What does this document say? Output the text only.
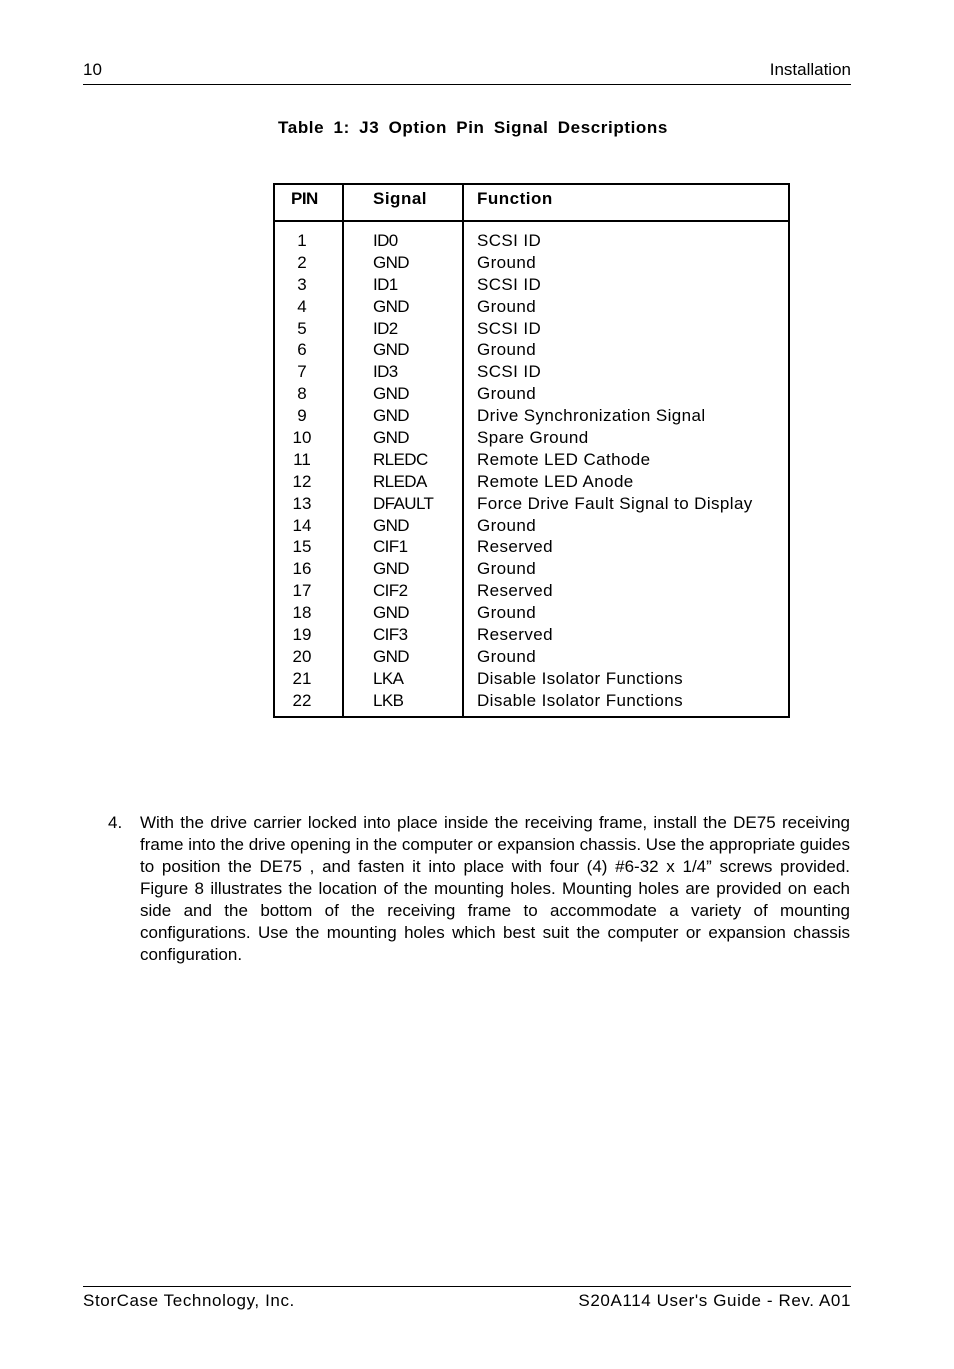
10	Installation
Table 1: J3 Option Pin Signal Descriptions
PIN	Signal	Function
1	ID0	SCSI ID
2	GND	Ground
3	ID1	SCSI ID
4	GND	Ground
5	ID2	SCSI ID
6	GND	Ground
7	ID3	SCSI ID
8	GND	Ground
9	GND	Drive Synchronization Signal
10	GND	Spare Ground
11	RLEDC	Remote LED Cathode
12	RLEDA	Remote LED Anode
13	DFAULT	Force Drive Fault Signal to Display
14	GND	Ground
15	CIF1	Reserved
16	GND	Ground
17	CIF2	Reserved
18	GND	Ground
19	CIF3	Reserved
20	GND	Ground
21	LKA	Disable Isolator Functions
22	LKB	Disable Isolator Functions
4. With the drive carrier locked into place inside the receiving frame, install the DE75 receiving frame into the drive opening in the computer or expansion chassis. Use the appropriate guides to position the DE75 , and fasten it into place with four (4) #6-32 x 1/4” screws provided. Figure 8 illustrates the location of the mounting holes. Mounting holes are provided on each side and the bottom of the receiving frame to accommodate a variety of mounting configurations. Use the mounting holes which best suit the computer or expansion chassis configuration.

StorCase Technology, Inc.	S20A114 User's Guide - Rev. A01
